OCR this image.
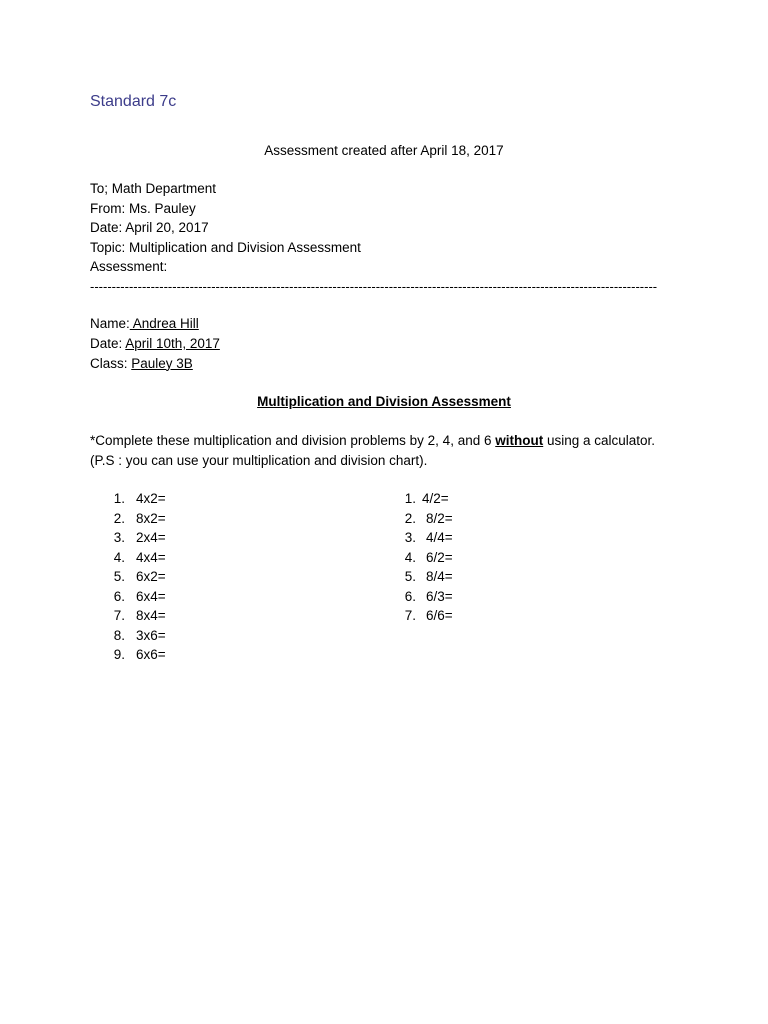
Standard 7c
Assessment created after April 18, 2017
To; Math Department
From: Ms. Pauley
Date: April 20, 2017
Topic: Multiplication and Division Assessment
Assessment:
-----------------------------------------------------------------------------------------------------------------------------------
Name: Andrea Hill
Date: April 10th, 2017
Class: Pauley 3B
Multiplication and Division Assessment
*Complete these multiplication and division problems by 2, 4, and 6 without using a calculator.
(P.S : you can use your multiplication and division chart).
1. 4x2=
2. 8x2=
3. 2x4=
4. 4x4=
5. 6x2=
6. 6x4=
7. 8x4=
8. 3x6=
9. 6x6=
1. 4/2=
2. 8/2=
3. 4/4=
4. 6/2=
5. 8/4=
6. 6/3=
7. 6/6=
